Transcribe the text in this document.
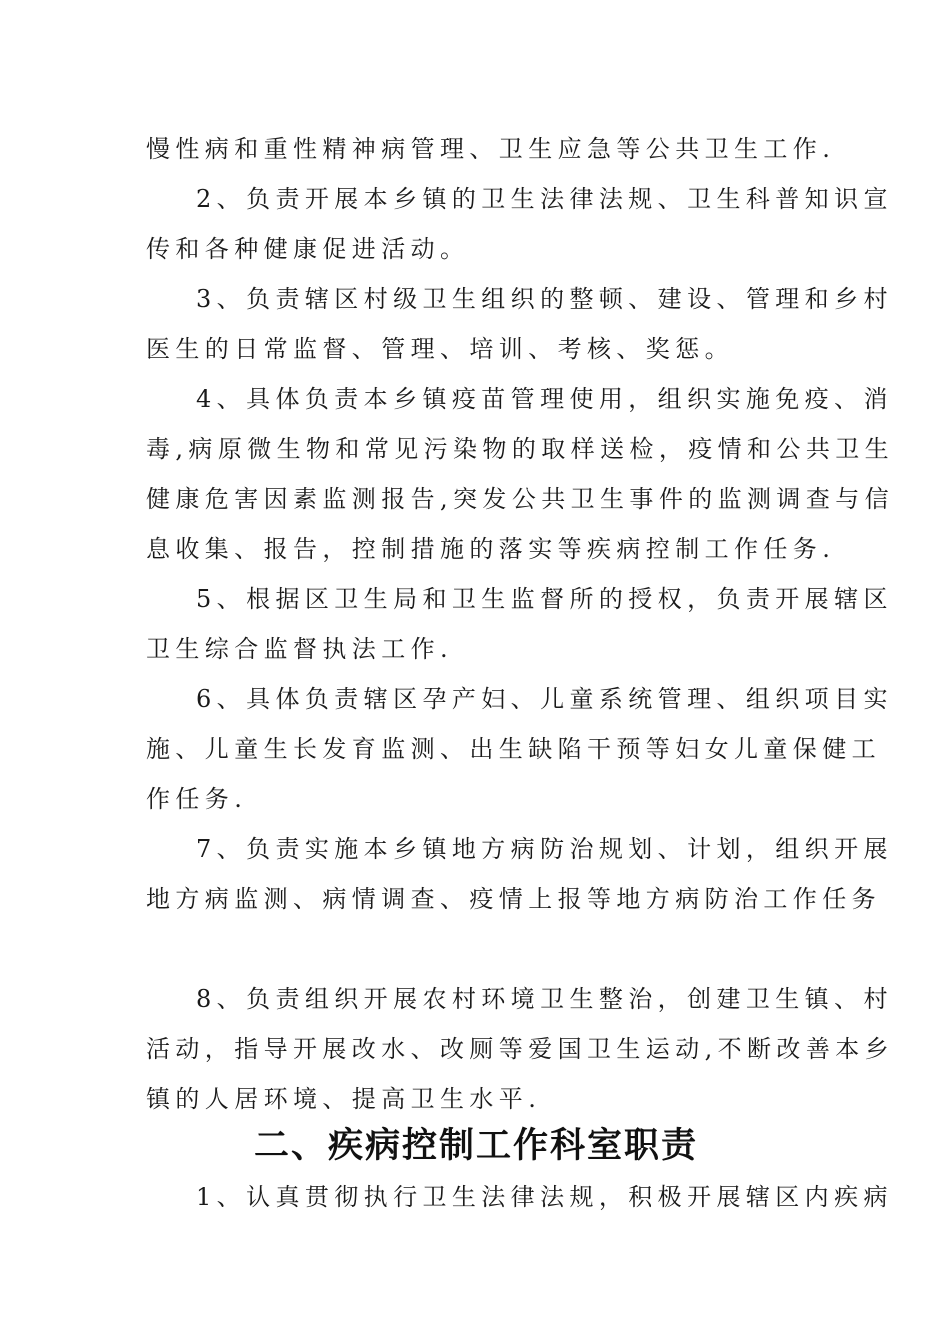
慢性病和重性精神病管理、卫生应急等公共卫生工作.
2、负责开展本乡镇的卫生法律法规、卫生科普知识宣
传和各种健康促进活动。
3、负责辖区村级卫生组织的整顿、建设、管理和乡村
医生的日常监督、管理、培训、考核、奖惩。
4、具体负责本乡镇疫苗管理使用，组织实施免疫、消
毒,病原微生物和常见污染物的取样送检，疫情和公共卫生
健康危害因素监测报告,突发公共卫生事件的监测调查与信
息收集、报告，控制措施的落实等疾病控制工作任务.
5、根据区卫生局和卫生监督所的授权，负责开展辖区
卫生综合监督执法工作.
6、具体负责辖区孕产妇、儿童系统管理、组织项目实
施、儿童生长发育监测、出生缺陷干预等妇女儿童保健工
作任务.
7、负责实施本乡镇地方病防治规划、计划，组织开展
地方病监测、病情调查、疫情上报等地方病防治工作任务
8、负责组织开展农村环境卫生整治，创建卫生镇、村
活动，指导开展改水、改厕等爱国卫生运动,不断改善本乡
镇的人居环境、提高卫生水平.
二、疾病控制工作科室职责
1、认真贯彻执行卫生法律法规，积极开展辖区内疾病
